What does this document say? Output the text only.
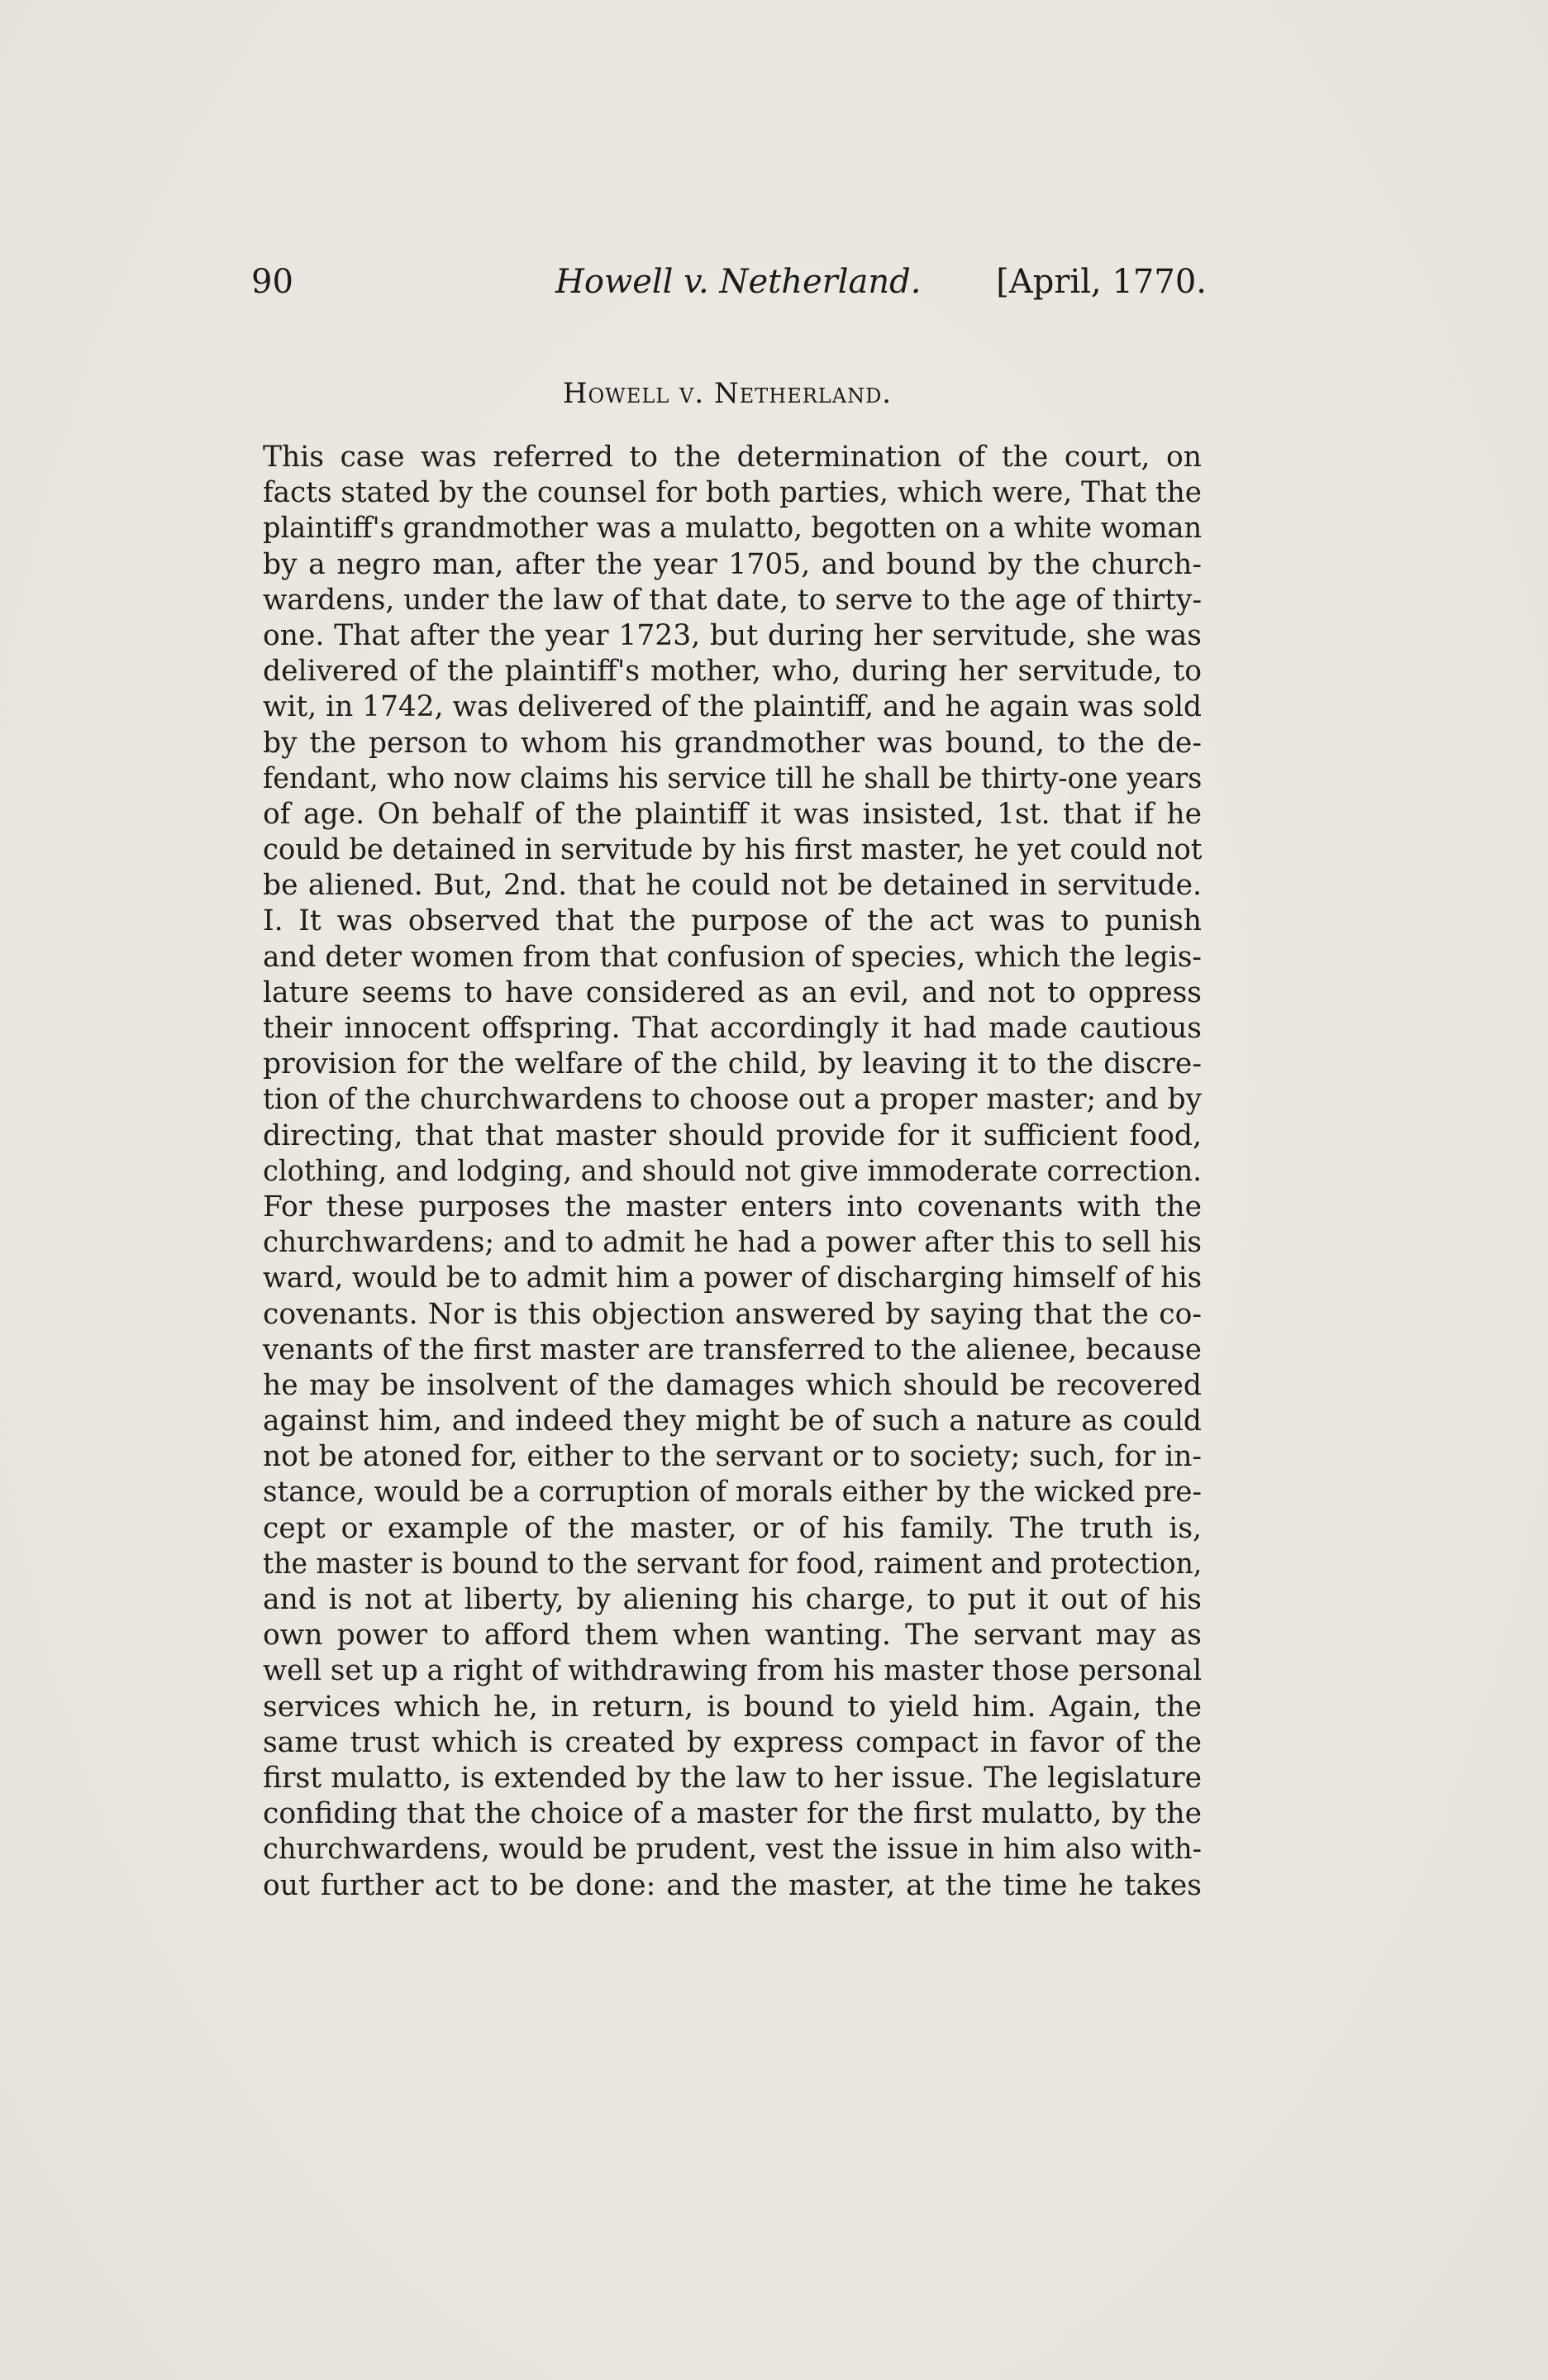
90	Howell v. Netherland. [April, 1770.
Howell v. Netherland.
This case was referred to the determination of the court, on
facts stated by the counsel for both parties, which were, That the
plaintiff's grandmother was a mulatto, begotten on a white woman
by a negro man, after the year 1705, and bound by the church-
wardens, under the law of that date, to serve to the age of thirty-
one. That after the year 1723, but during her servitude, she was
delivered of the plaintiff's mother, who, during her servitude, to
wit, in 1742, was delivered of the plaintiff, and he again was sold
by the person to whom his grandmother was bound, to the de-
fendant, who now claims his service till he shall be thirty-one years
of age. On behalf of the plaintiff it was insisted, 1st. that if he
could be detained in servitude by his first master, he yet could not
be aliened. But, 2nd. that he could not be detained in servitude.
I. It was observed that the purpose of the act was to punish
and deter women from that confusion of species, which the legis-
lature seems to have considered as an evil, and not to oppress
their innocent offspring. That accordingly it had made cautious
provision for the welfare of the child, by leaving it to the discre-
tion of the churchwardens to choose out a proper master; and by
directing, that that master should provide for it sufficient food,
clothing, and lodging, and should not give immoderate correction.
For these purposes the master enters into covenants with the
churchwardens; and to admit he had a power after this to sell his
ward, would be to admit him a power of discharging himself of his
covenants. Nor is this objection answered by saying that the co-
venants of the first master are transferred to the alienee, because
he may be insolvent of the damages which should be recovered
against him, and indeed they might be of such a nature as could
not be atoned for, either to the servant or to society; such, for in-
stance, would be a corruption of morals either by the wicked pre-
cept or example of the master, or of his family. The truth is,
the master is bound to the servant for food, raiment and protection,
and is not at liberty, by aliening his charge, to put it out of his
own power to afford them when wanting. The servant may as
well set up a right of withdrawing from his master those personal
services which he, in return, is bound to yield him. Again, the
same trust which is created by express compact in favor of the
first mulatto, is extended by the law to her issue. The legislature
confiding that the choice of a master for the first mulatto, by the
churchwardens, would be prudent, vest the issue in him also with-
out further act to be done: and the master, at the time he takes
